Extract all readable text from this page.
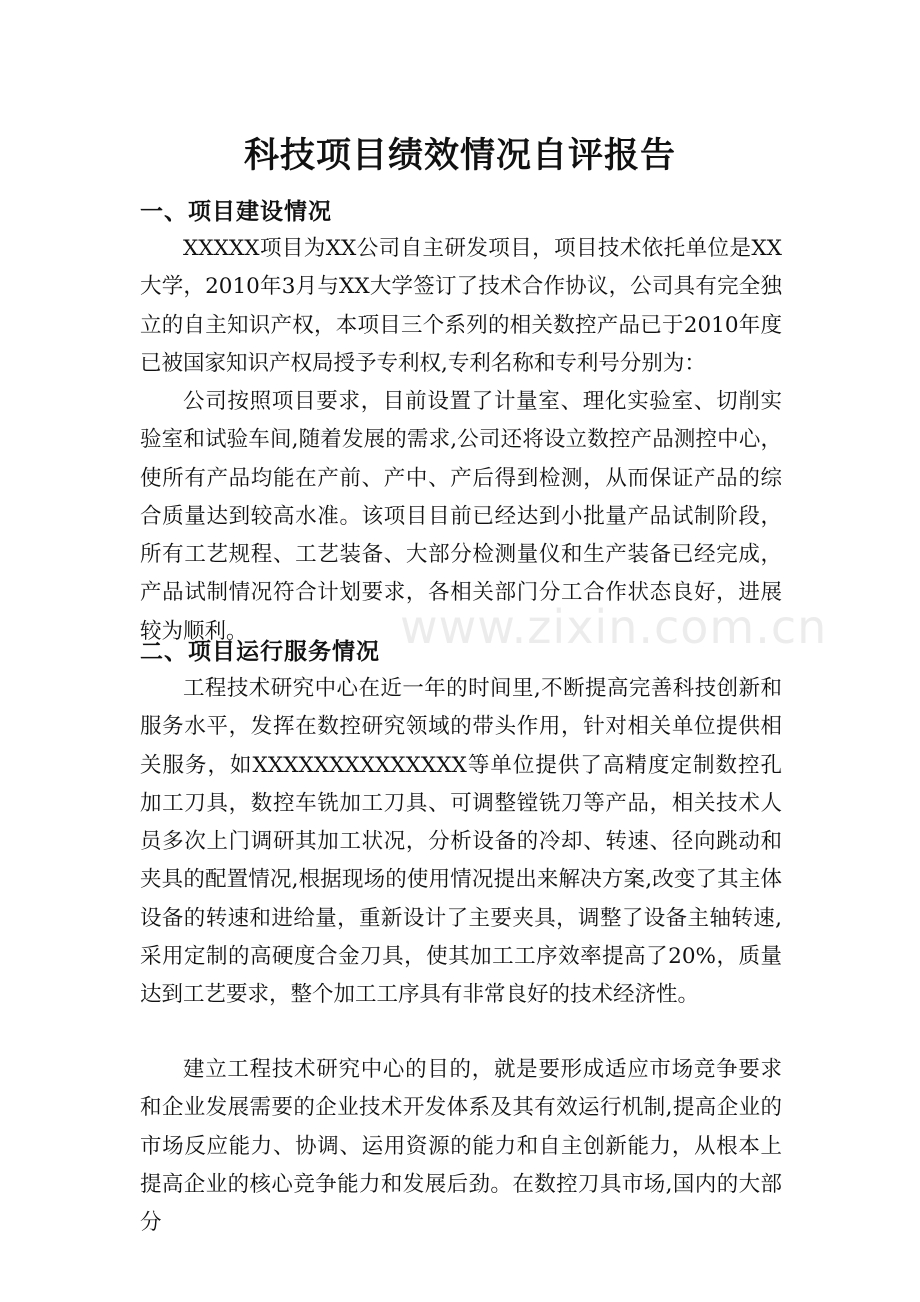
科技项目绩效情况自评报告
一、项目建设情况

XXXXX项目为XX公司自主研发项目，项目技术依托单位是XX大学，2010年3月与XX大学签订了技术合作协议，公司具有完全独立的自主知识产权，本项目三个系列的相关数控产品已于2010年度已被国家知识产权局授予专利权,专利名称和专利号分别为：

公司按照项目要求，目前设置了计量室、理化实验室、切削实验室和试验车间,随着发展的需求,公司还将设立数控产品测控中心，使所有产品均能在产前、产中、产后得到检测，从而保证产品的综合质量达到较高水准。该项目目前已经达到小批量产品试制阶段，所有工艺规程、工艺装备、大部分检测量仪和生产装备已经完成，产品试制情况符合计划要求，各相关部门分工合作状态良好，进展较为顺利。

二、项目运行服务情况

工程技术研究中心在近一年的时间里,不断提高完善科技创新和服务水平，发挥在数控研究领域的带头作用，针对相关单位提供相关服务，如XXXXXXXXXXXXXX等单位提供了高精度定制数控孔加工刀具，数控车铣加工刀具、可调整镗铣刀等产品，相关技术人员多次上门调研其加工状况，分析设备的冷却、转速、径向跳动和夹具的配置情况,根据现场的使用情况提出来解决方案,改变了其主体设备的转速和进给量，重新设计了主要夹具，调整了设备主轴转速,采用定制的高硬度合金刀具，使其加工工序效率提高了20%，质量达到工艺要求，整个加工工序具有非常良好的技术经济性。

建立工程技术研究中心的目的，就是要形成适应市场竞争要求和企业发展需要的企业技术开发体系及其有效运行机制,提高企业的市场反应能力、协调、运用资源的能力和自主创新能力，从根本上提高企业的核心竞争能力和发展后劲。在数控刀具市场,国内的大部分

www.zixin.com.cn
